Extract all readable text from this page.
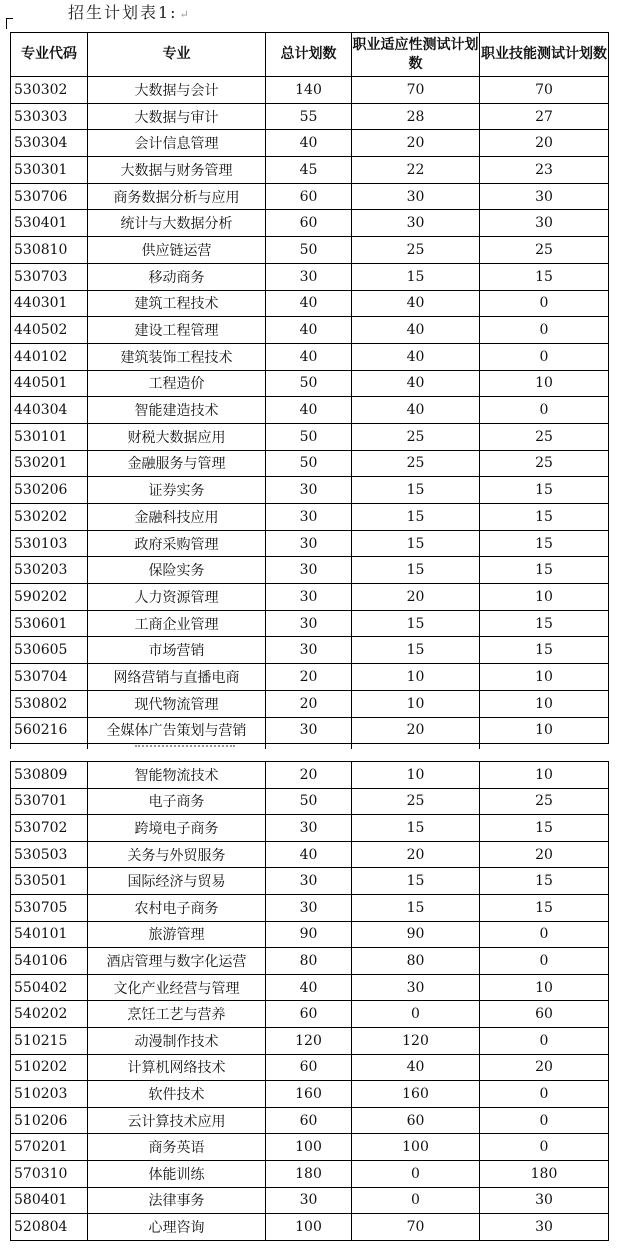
招生计划表1: ↵
专业代码	专业	总计划数	职业适应性测试计划数	职业技能测试计划数
530302	大数据与会计	140	70	70
530303	大数据与审计	55	28	27
530304	会计信息管理	40	20	20
530301	大数据与财务管理	45	22	23
530706	商务数据分析与应用	60	30	30
530401	统计与大数据分析	60	30	30
530810	供应链运营	50	25	25
530703	移动商务	30	15	15
440301	建筑工程技术	40	40	0
440502	建设工程管理	40	40	0
440102	建筑装饰工程技术	40	40	0
440501	工程造价	50	40	10
440304	智能建造技术	40	40	0
530101	财税大数据应用	50	25	25
530201	金融服务与管理	50	25	25
530206	证券实务	30	15	15
530202	金融科技应用	30	15	15
530103	政府采购管理	30	15	15
530203	保险实务	30	15	15
590202	人力资源管理	30	20	10
530601	工商企业管理	30	15	15
530605	市场营销	30	15	15
530704	网络营销与直播电商	20	10	10
530802	现代物流管理	20	10	10
560216	全媒体广告策划与营销	30	20	10
530809	智能物流技术	20	10	10
530701	电子商务	50	25	25
530702	跨境电子商务	30	15	15
530503	关务与外贸服务	40	20	20
530501	国际经济与贸易	30	15	15
530705	农村电子商务	30	15	15
540101	旅游管理	90	90	0
540106	酒店管理与数字化运营	80	80	0
550402	文化产业经营与管理	40	30	10
540202	烹饪工艺与营养	60	0	60
510215	动漫制作技术	120	120	0
510202	计算机网络技术	60	40	20
510203	软件技术	160	160	0
510206	云计算技术应用	60	60	0
570201	商务英语	100	100	0
570310	体能训练	180	0	180
580401	法律事务	30	0	30
520804	心理咨询	100	70	30
